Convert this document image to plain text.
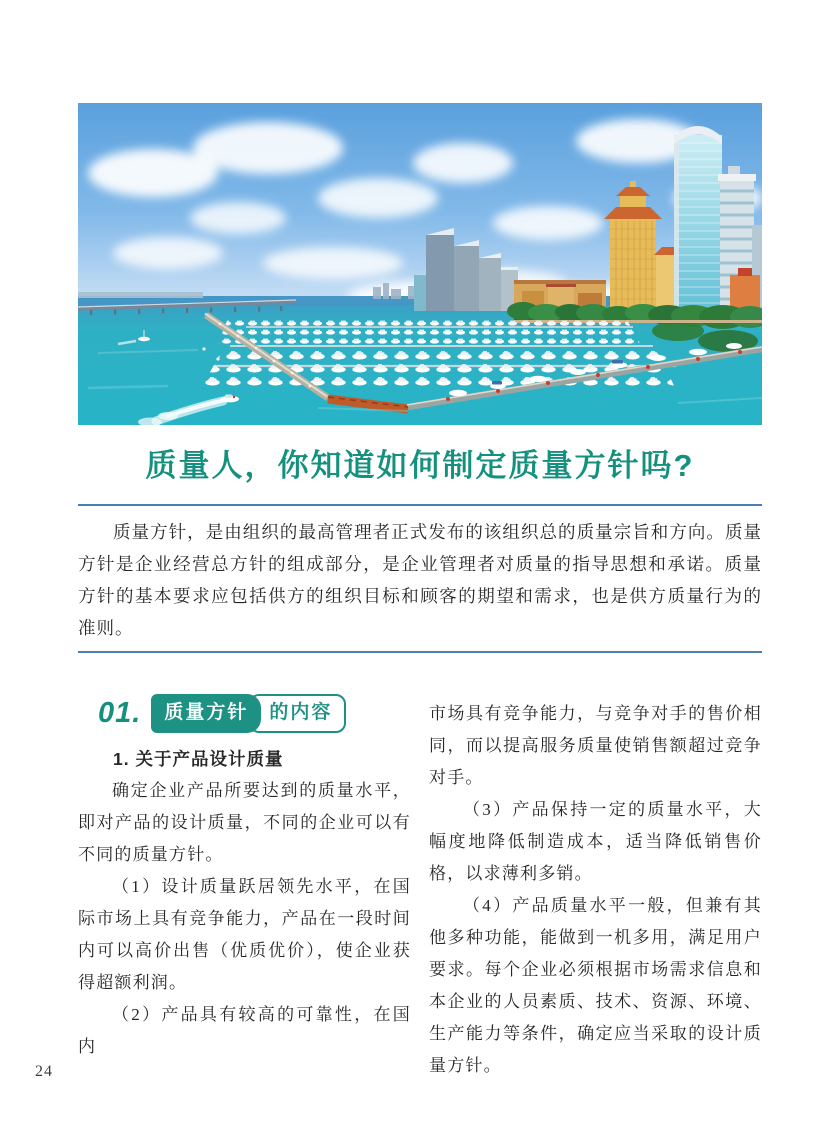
质量人，你知道如何制定质量方针吗?

质量方针，是由组织的最高管理者正式发布的该组织总的质量宗旨和方向。质量方针是企业经营总方针的组成部分，是企业管理者对质量的指导思想和承诺。质量方针的基本要求应包括供方的组织目标和顾客的期望和需求，也是供方质量行为的准则。

01.	质量方针	的内容

1. 关于产品设计质量

确定企业产品所要达到的质量水平，即对产品的设计质量，不同的企业可以有不同的质量方针。

（1）设计质量跃居领先水平，在国际市场上具有竞争能力，产品在一段时间内可以高价出售（优质优价），使企业获得超额利润。

（2）产品具有较高的可靠性，在国内

市场具有竞争能力，与竞争对手的售价相同，而以提高服务质量使销售额超过竞争对手。

（3）产品保持一定的质量水平，大幅度地降低制造成本，适当降低销售价格，以求薄利多销。

（4）产品质量水平一般，但兼有其他多种功能，能做到一机多用，满足用户要求。每个企业必须根据市场需求信息和本企业的人员素质、技术、资源、环境、生产能力等条件，确定应当采取的设计质量方针。

24
